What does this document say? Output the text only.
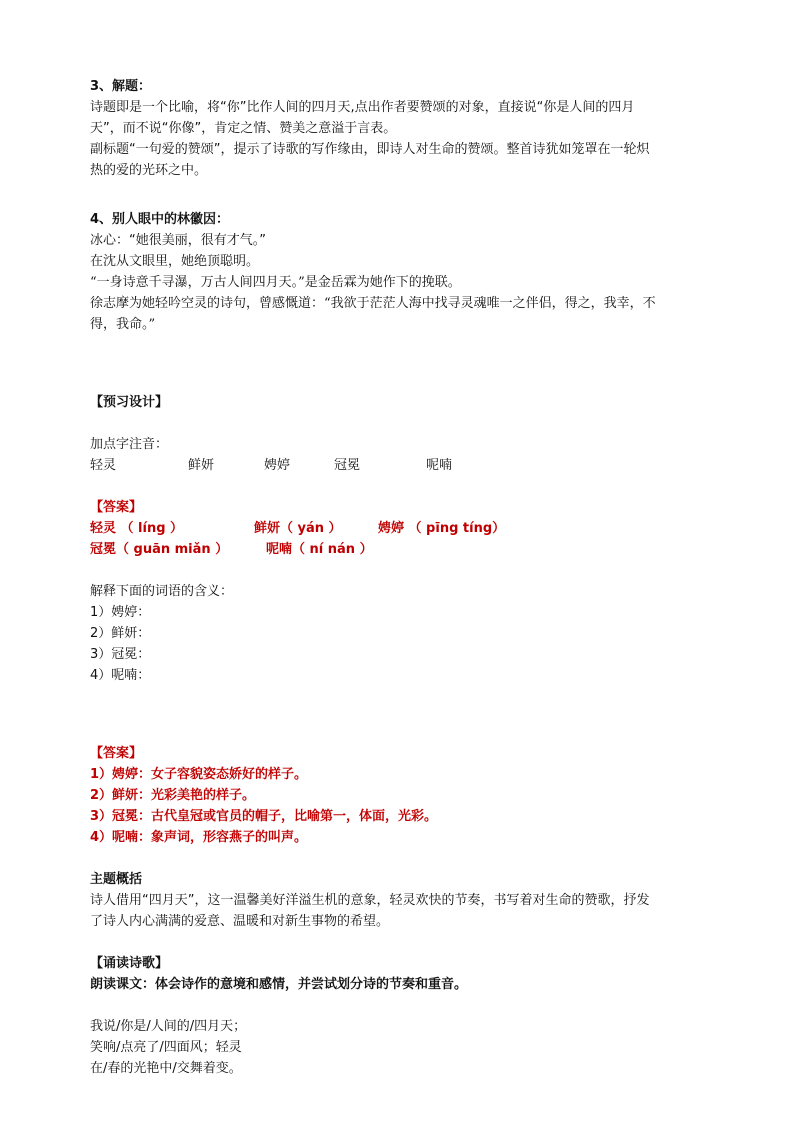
3、解题：
诗题即是一个比喻，将“你”比作人间的四月天,点出作者要赞颂的对象，直接说“你是人间的四月
天”，而不说“你像”，肯定之情、赞美之意溢于言表。
副标题“一句爱的赞颂”，提示了诗歌的写作缘由，即诗人对生命的赞颂。整首诗犹如笼罩在一轮炽
热的爱的光环之中。
4、别人眼中的林徽因：
冰心：“她很美丽，很有才气。”
在沈从文眼里，她绝顶聪明。
“一身诗意千寻瀑，万古人间四月天。”是金岳霖为她作下的挽联。
徐志摩为她轻吟空灵的诗句，曾感慨道：“我欲于茫茫人海中找寻灵魂唯一之伴侣，得之，我幸，不
得，我命。”
【预习设计】
加点字注音：
轻灵	鲜妍	娉婷	冠冕	呢喃
【答案】
轻灵 （ líng ）	鲜妍（ yán ）	娉婷 （ pīng tíng）
冠冕（ guān miǎn ）	呢喃（ ní nán ）
解释下面的词语的含义：
1）娉婷：
2）鲜妍：
3）冠冕：
4）呢喃：
【答案】
1）娉婷：女子容貌姿态娇好的样子。
2）鲜妍：光彩美艳的样子。
3）冠冕：古代皇冠或官员的帽子，比喻第一，体面，光彩。
4）呢喃：象声词，形容燕子的叫声。
主题概括
诗人借用“四月天”，这一温馨美好洋溢生机的意象，轻灵欢快的节奏，书写着对生命的赞歌，抒发
了诗人内心满满的爱意、温暖和对新生事物的希望。
【诵读诗歌】
朗读课文：体会诗作的意境和感情，并尝试划分诗的节奏和重音。
我说/你是/人间的/四月天；
笑响/点亮了/四面风；轻灵
在/春的光艳中/交舞着变。
